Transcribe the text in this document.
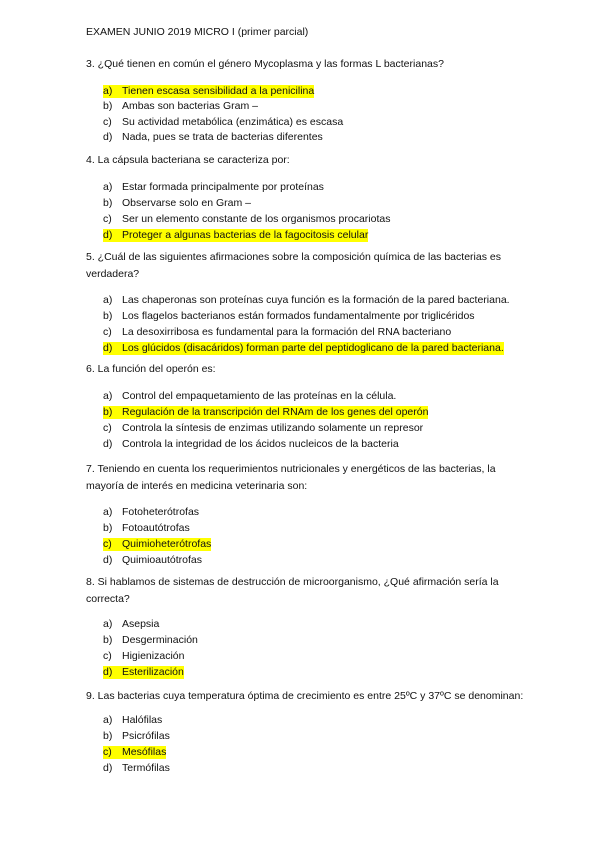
EXAMEN JUNIO 2019 MICRO I (primer parcial)
3. ¿Qué tienen en común el género Mycoplasma y las formas L bacterianas?
a) Tienen escasa sensibilidad a la penicilina
b) Ambas son bacterias Gram –
c) Su actividad metabólica (enzimática) es escasa
d) Nada, pues se trata de bacterias diferentes
4. La cápsula bacteriana se caracteriza por:
a) Estar formada principalmente por proteínas
b) Observarse solo en Gram –
c) Ser un elemento constante de los organismos procariotas
d) Proteger a algunas bacterias de la fagocitosis celular
5. ¿Cuál de las siguientes afirmaciones sobre la composición química de las bacterias es verdadera?
a) Las chaperonas son proteínas cuya función es la formación de la pared bacteriana.
b) Los flagelos bacterianos están formados fundamentalmente por triglicéridos
c) La desoxirribosa es fundamental para la formación del RNA bacteriano
d) Los glúcidos (disacáridos) forman parte del peptidoglicano de la pared bacteriana.
6. La función del operón es:
a) Control del empaquetamiento de las proteínas en la célula.
b) Regulación de la transcripción del RNAm de los genes del operón
c) Controla la síntesis de enzimas utilizando solamente un represor
d) Controla la integridad de los ácidos nucleicos de la bacteria
7. Teniendo en cuenta los requerimientos nutricionales y energéticos de las bacterias, la mayoría de interés en medicina veterinaria son:
a) Fotoheterótrofas
b) Fotoautótrofas
c) Quimioheterótrofas
d) Quimioautótrofas
8. Si hablamos de sistemas de destrucción de microorganismo, ¿Qué afirmación sería la correcta?
a) Asepsia
b) Desgerminación
c) Higienización
d) Esterilización
9. Las bacterias cuya temperatura óptima de crecimiento es entre 25ºC y 37ºC se denominan:
a) Halófilas
b) Psicrófilas
c) Mesófilas
d) Termófilas
